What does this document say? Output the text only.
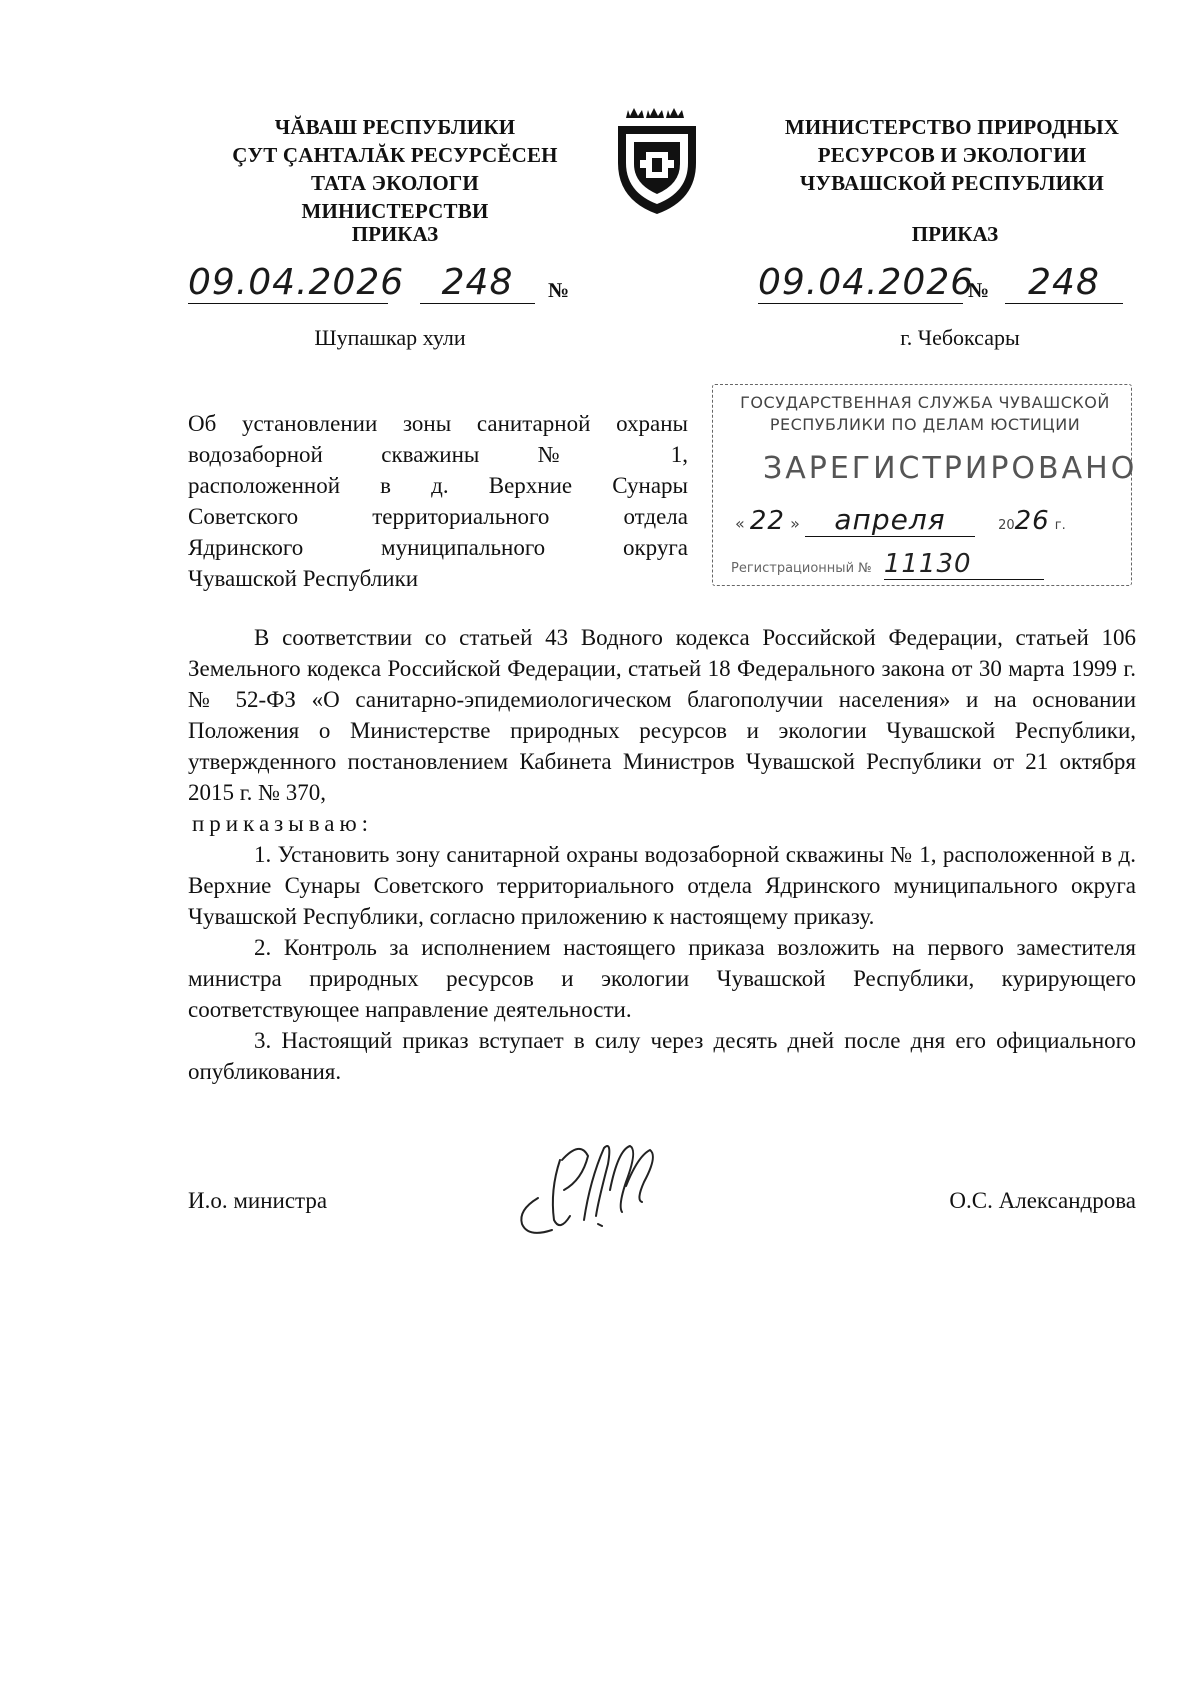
ЧĂВАШ РЕСПУБЛИКИ
ÇУТ ÇАНТАЛĂК РЕСУРСĔСЕН
ТАТА ЭКОЛОГИ МИНИСТЕРСТВИ
МИНИСТЕРСТВО ПРИРОДНЫХ
РЕСУРСОВ И ЭКОЛОГИИ
ЧУВАШСКОЙ РЕСПУБЛИКИ
ПРИКАЗ	ПРИКАЗ
09.04.2026	248	№	09.04.2026
№	248
Шупашкар хули	г. Чебоксары
Об установлении зоны санитарной охраны
водозаборной скважины № 1,
расположенной в д. Верхние Сунары
Советского территориального отдела
Ядринского муниципального округа
Чувашской Республики
ГОСУДАРСТВЕННАЯ СЛУЖБА ЧУВАШСКОЙ
РЕСПУБЛИКИ ПО ДЕЛАМ ЮСТИЦИИ
ЗАРЕГИСТРИРОВАНО
« 22 » апреля	2026 г.
Регистрационный № 11130

В соответствии со статьей 43 Водного кодекса Российской Федерации, статьей 106 Земельного кодекса Российской Федерации, статьей 18 Федерального закона от 30 марта 1999 г. № 52-ФЗ «О санитарно-эпидемиологическом благополучии населения» и на основании Положения о Министерстве природных ресурсов и экологии Чувашской Республики, утвержденного постановлением Кабинета Министров Чувашской Республики от 21 октября 2015 г. № 370,

приказываю:

1. Установить зону санитарной охраны водозаборной скважины № 1, расположенной в д. Верхние Сунары Советского территориального отдела Ядринского муниципального округа Чувашской Республики, согласно приложению к настоящему приказу.

2. Контроль за исполнением настоящего приказа возложить на первого заместителя министра природных ресурсов и экологии Чувашской Республики, курирующего соответствующее направление деятельности.

3. Настоящий приказ вступает в силу через десять дней после дня его официального опубликования.

И.о. министра	О.С. Александрова
